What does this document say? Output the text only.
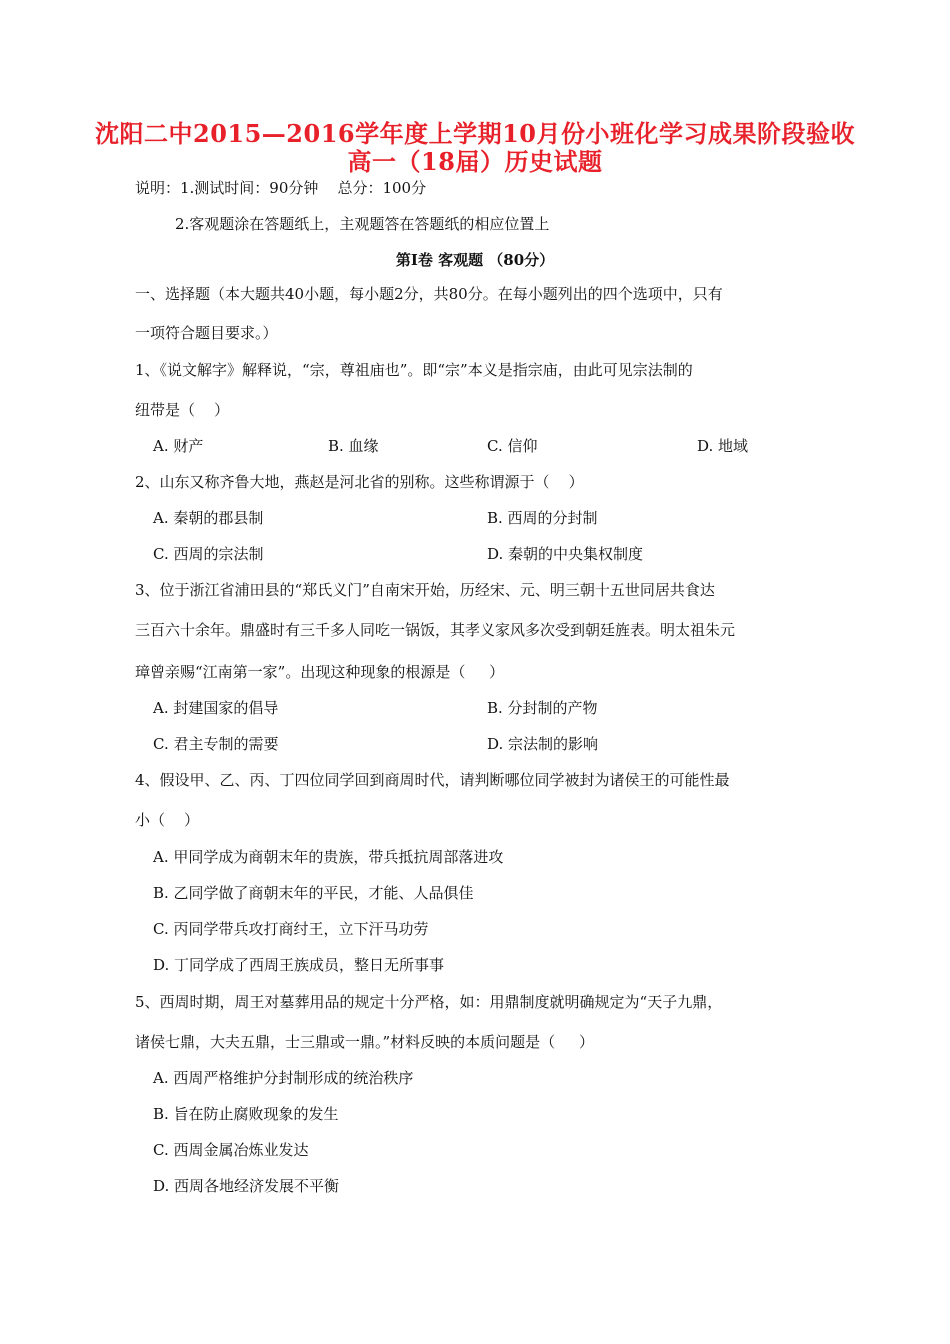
沈阳二中2015—2016学年度上学期10月份小班化学习成果阶段验收
高一（18届）历史试题
说明：1.测试时间：90分钟    总分：100分
2.客观题涂在答题纸上，主观题答在答题纸的相应位置上
第Ⅰ卷 客观题 （80分）
一、选择题（本大题共40小题，每小题2分，共80分。在每小题列出的四个选项中，只有
一项符合题目要求。）
1、《说文解字》解释说，“宗，尊祖庙也”。即“宗”本义是指宗庙，由此可见宗法制的
纽带是（    ）
A. 财产	B. 血缘	C. 信仰	D. 地域
2、山东又称齐鲁大地，燕赵是河北省的别称。这些称谓源于（    ）
A. 秦朝的郡县制	B. 西周的分封制
C. 西周的宗法制	D. 秦朝的中央集权制度
3、位于浙江省浦田县的“郑氏义门”自南宋开始，历经宋、元、明三朝十五世同居共食达
三百六十余年。鼎盛时有三千多人同吃一锅饭，其孝义家风多次受到朝廷旌表。明太祖朱元
璋曾亲赐“江南第一家”。出现这种现象的根源是（     ）
A. 封建国家的倡导	B. 分封制的产物
C. 君主专制的需要	D. 宗法制的影响
4、假设甲、乙、丙、丁四位同学回到商周时代，请判断哪位同学被封为诸侯王的可能性最
小（    ）
A. 甲同学成为商朝末年的贵族，带兵抵抗周部落进攻
B. 乙同学做了商朝末年的平民，才能、人品俱佳
C. 丙同学带兵攻打商纣王，立下汗马功劳
D. 丁同学成了西周王族成员，整日无所事事
5、西周时期，周王对墓葬用品的规定十分严格，如：用鼎制度就明确规定为“天子九鼎，
诸侯七鼎，大夫五鼎，士三鼎或一鼎。”材料反映的本质问题是（     ）
A. 西周严格维护分封制形成的统治秩序
B. 旨在防止腐败现象的发生
C. 西周金属冶炼业发达
D. 西周各地经济发展不平衡
